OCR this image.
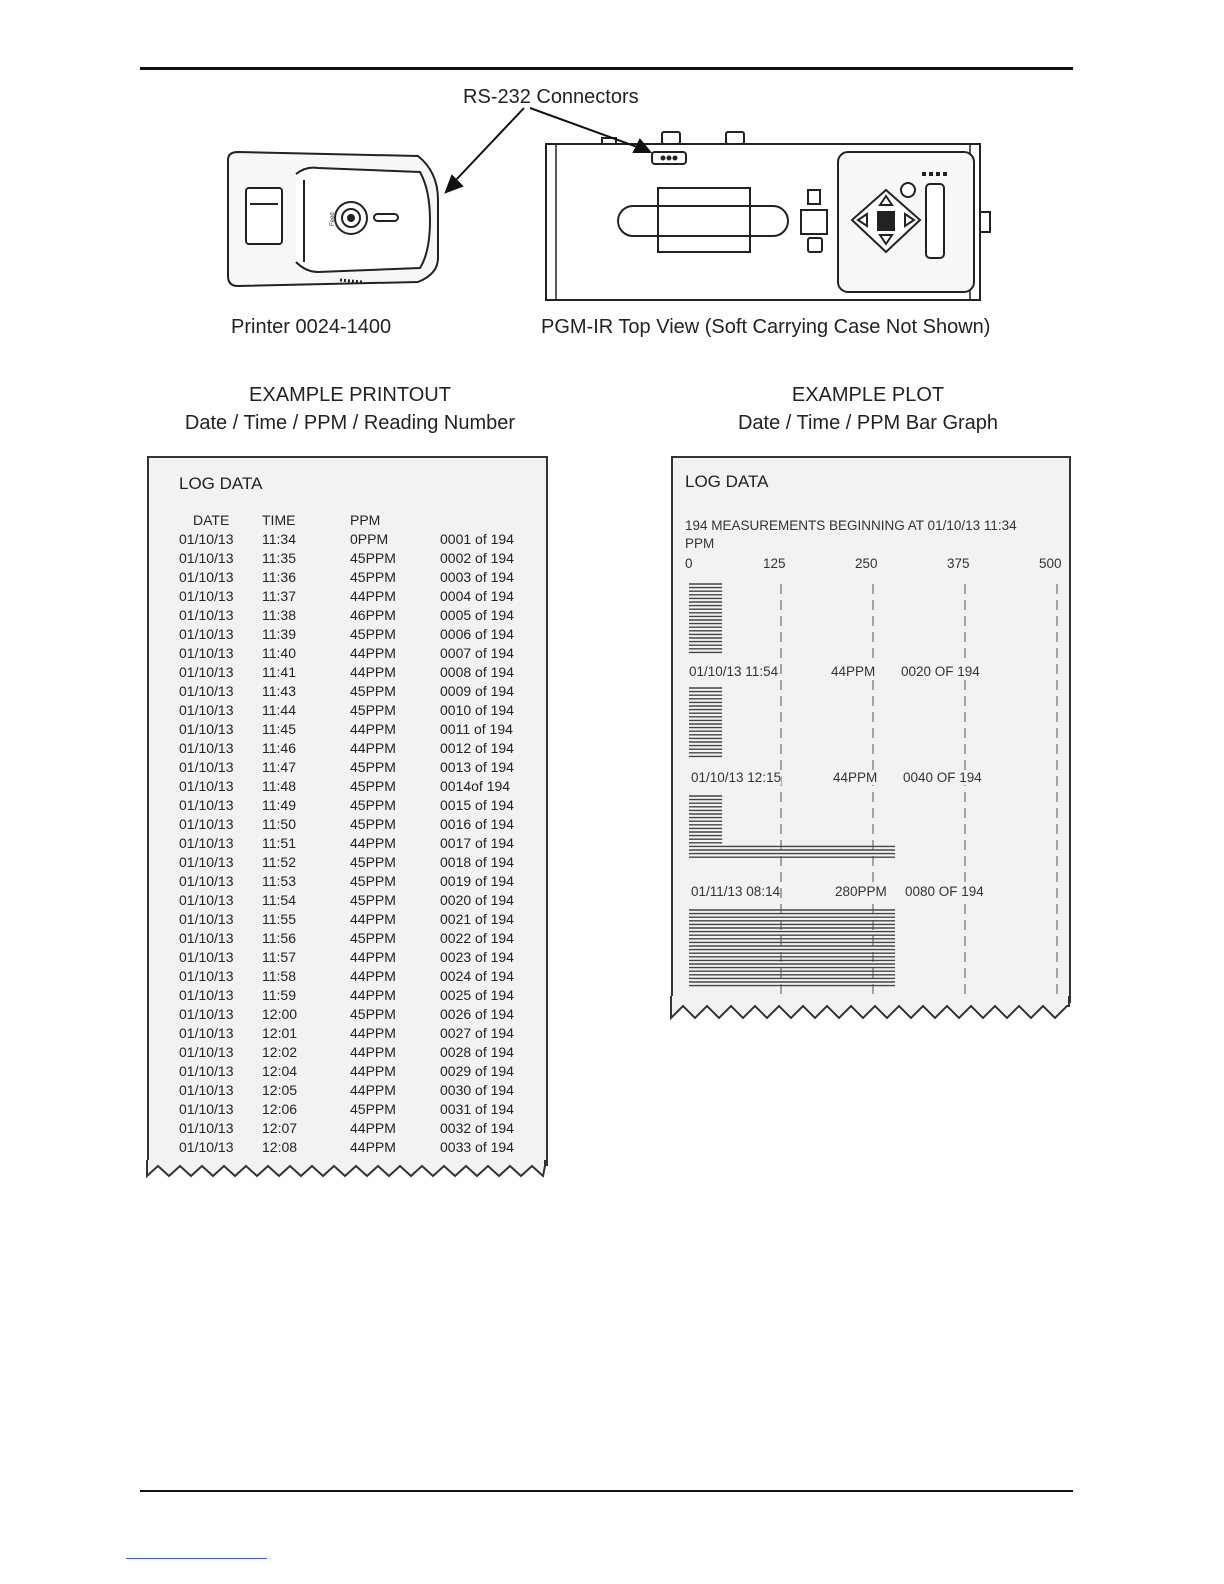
Feed
RS-232 Connectors
Printer 0024-1400	PGM-IR Top View (Soft Carrying Case Not Shown)
EXAMPLE PRINTOUT
Date / Time / PPM / Reading Number
EXAMPLE PLOT
Date / Time / PPM Bar Graph
LOG DATA
DATE TIME	PPM
01/10/13 11:34	0PPM	0001 of 194
01/10/13 11:35	45PPM	0002 of 194
01/10/13 11:36	45PPM	0003 of 194
01/10/13 11:37	44PPM	0004 of 194
01/10/13 11:38	46PPM	0005 of 194
01/10/13 11:39	45PPM	0006 of 194
01/10/13 11:40	44PPM	0007 of 194
01/10/13 11:41	44PPM	0008 of 194
01/10/13 11:43	45PPM	0009 of 194
01/10/13 11:44	45PPM	0010 of 194
01/10/13 11:45	44PPM	0011 of 194
01/10/13 11:46	44PPM	0012 of 194
01/10/13 11:47	45PPM	0013 of 194
01/10/13 11:48	45PPM	0014of 194
01/10/13 11:49	45PPM	0015 of 194
01/10/13 11:50	45PPM	0016 of 194
01/10/13 11:51	44PPM	0017 of 194
01/10/13 11:52	45PPM	0018 of 194
01/10/13 11:53	45PPM	0019 of 194
01/10/13 11:54	45PPM	0020 of 194
01/10/13 11:55	44PPM	0021 of 194
01/10/13 11:56	45PPM	0022 of 194
01/10/13 11:57	44PPM	0023 of 194
01/10/13 11:58	44PPM	0024 of 194
01/10/13 11:59	44PPM	0025 of 194
01/10/13 12:00	45PPM	0026 of 194
01/10/13 12:01	44PPM	0027 of 194
01/10/13 12:02	44PPM	0028 of 194
01/10/13 12:04	44PPM	0029 of 194
01/10/13 12:05	44PPM	0030 of 194
01/10/13 12:06	45PPM	0031 of 194
01/10/13 12:07	44PPM	0032 of 194
01/10/13 12:08	44PPM	0033 of 194
LOG DATA
194 MEASUREMENTS BEGINNING AT 01/10/13 11:34
PPM
0	125	250	375	500
01/10/13 11:54	44PPM 0020 OF 194
01/10/13 12:15	44PPM 0040 OF 194
01/11/13 08:14	280PPM 0080 OF 194
